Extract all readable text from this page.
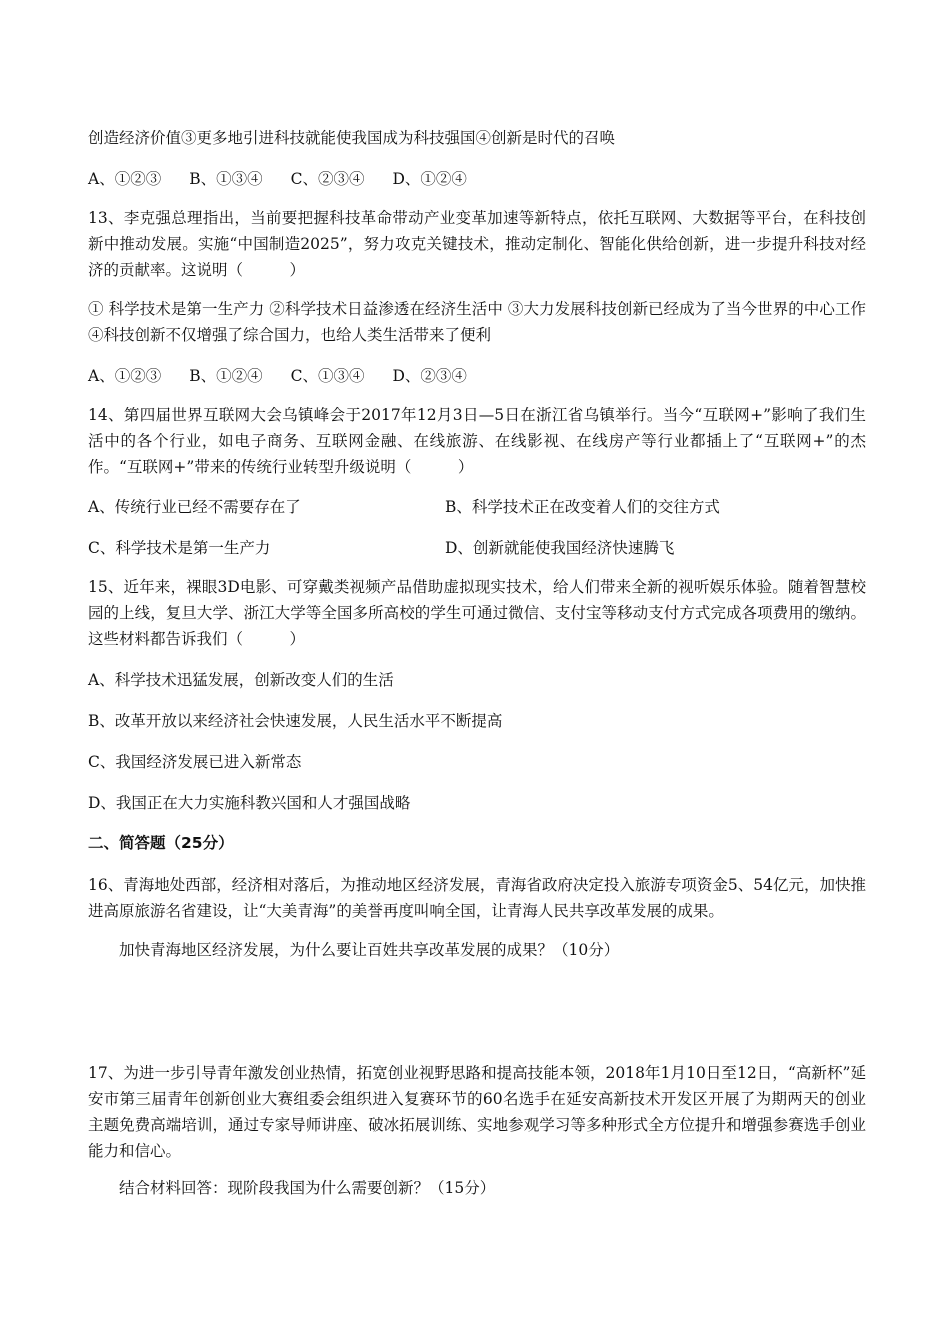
创造经济价值③更多地引进科技就能使我国成为科技强国④创新是时代的召唤
A、①②③ B、①③④ C、②③④ D、①②④
13、李克强总理指出，当前要把握科技革命带动产业变革加速等新特点，依托互联网、大数据等平台，在科技创新中推动发展。实施“中国制造2025”，努力攻克关键技术，推动定制化、智能化供给创新，进一步提升科技对经济的贡献率。这说明（　　　）
① 科学技术是第一生产力 ②科学技术日益渗透在经济生活中 ③大力发展科技创新已经成为了当今世界的中心工作 ④科技创新不仅增强了综合国力，也给人类生活带来了便利
A、①②③ B、①②④ C、①③④ D、②③④
14、第四届世界互联网大会乌镇峰会于2017年12月3日—5日在浙江省乌镇举行。当今“互联网+”影响了我们生活中的各个行业，如电子商务、互联网金融、在线旅游、在线影视、在线房产等行业都插上了“互联网+”的杰作。“互联网+”带来的传统行业转型升级说明（　　　）
A、传统行业已经不需要存在了	B、科学技术正在改变着人们的交往方式
C、科学技术是第一生产力	D、创新就能使我国经济快速腾飞
15、近年来，裸眼3D电影、可穿戴类视频产品借助虚拟现实技术，给人们带来全新的视听娱乐体验。随着智慧校园的上线，复旦大学、浙江大学等全国多所高校的学生可通过微信、支付宝等移动支付方式完成各项费用的缴纳。这些材料都告诉我们（　　　）
A、科学技术迅猛发展，创新改变人们的生活
B、改革开放以来经济社会快速发展，人民生活水平不断提高
C、我国经济发展已进入新常态
D、我国正在大力实施科教兴国和人才强国战略
二、简答题（25分）
16、青海地处西部，经济相对落后，为推动地区经济发展，青海省政府决定投入旅游专项资金5、54亿元，加快推进高原旅游名省建设，让“大美青海”的美誉再度叫响全国，让青海人民共享改革发展的成果。
加快青海地区经济发展，为什么要让百姓共享改革发展的成果？（10分）
17、为进一步引导青年激发创业热情，拓宽创业视野思路和提高技能本领，2018年1月10日至12日，“高新杯”延安市第三届青年创新创业大赛组委会组织进入复赛环节的60名选手在延安高新技术开发区开展了为期两天的创业主题免费高端培训，通过专家导师讲座、破冰拓展训练、实地参观学习等多种形式全方位提升和增强参赛选手创业能力和信心。
结合材料回答：现阶段我国为什么需要创新？（15分）
